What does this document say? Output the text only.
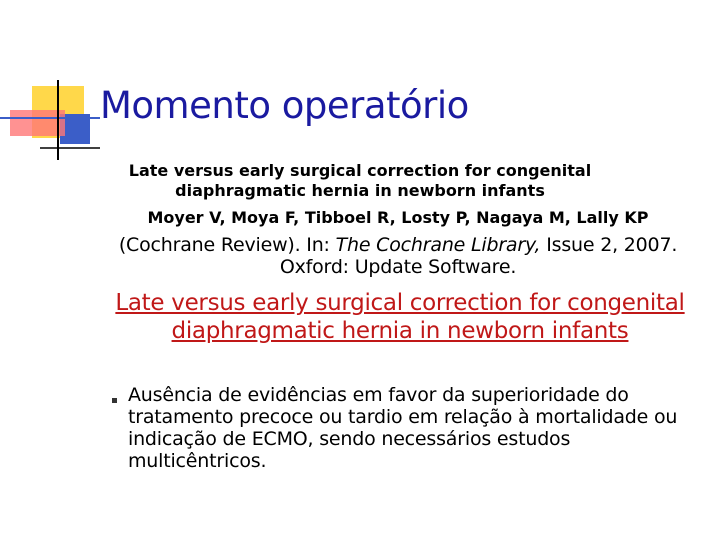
Momento operatório
Late versus early surgical correction for congenital diaphragmatic hernia in newborn infants
Moyer V, Moya F, Tibboel R, Losty P, Nagaya M, Lally KP
(Cochrane Review). In: The Cochrane Library, Issue 2, 2007. Oxford: Update Software.
Late versus early surgical correction for congenital diaphragmatic hernia in newborn infants
Ausência de evidências em favor da superioridade do tratamento precoce ou tardio em relação à mortalidade ou indicação de ECMO, sendo necessários estudos multicêntricos.
